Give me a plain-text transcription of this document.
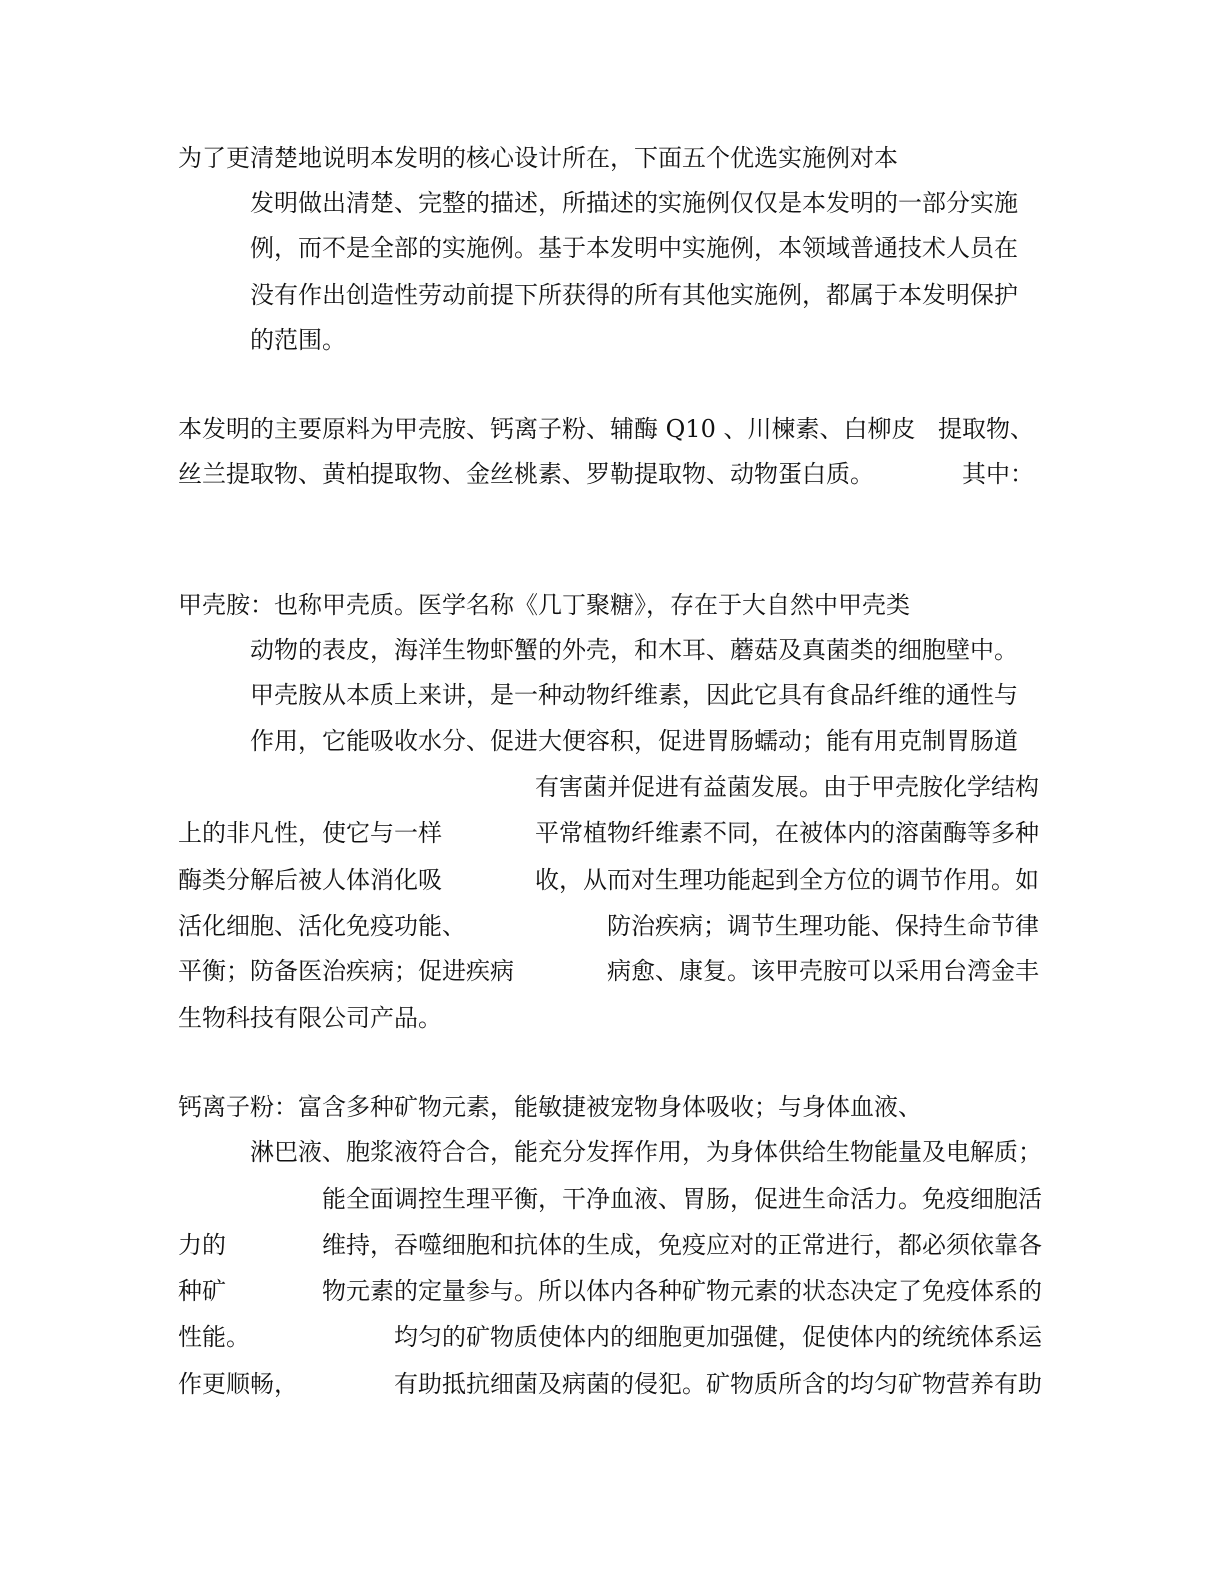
为了更清楚地说明本发明的核心设计所在，下面五个优选实施例对本

发明做出清楚、完整的描述，所描述的实施例仅仅是本发明的一部分实施

例，而不是全部的实施例。基于本发明中实施例，本领域普通技术人员在

没有作出创造性劳动前提下所获得的所有其他实施例，都属于本发明保护

的范围。

本发明的主要原料为甲壳胺、钙离子粉、辅酶 Q10 、川楝素、白柳皮 提取物、

丝兰提取物、黄柏提取物、金丝桃素、罗勒提取物、动物蛋白质。	其中：

甲壳胺：也称甲壳质。医学名称《几丁聚糖》，存在于大自然中甲壳类

动物的表皮，海洋生物虾蟹的外壳，和木耳、蘑菇及真菌类的细胞壁中。

甲壳胺从本质上来讲，是一种动物纤维素，因此它具有食品纤维的通性与

作用，它能吸收水分、促进大便容积，促进胃肠蠕动；能有用克制胃肠道

有害菌并促进有益菌发展。由于甲壳胺化学结构

上的非凡性，使它与一样	平常植物纤维素不同，在被体内的溶菌酶等多种

酶类分解后被人体消化吸	收，从而对生理功能起到全方位的调节作用。如

活化细胞、活化免疫功能、	防治疾病；调节生理功能、保持生命节律

平衡；防备医治疾病；促进疾病	病愈、康复。该甲壳胺可以采用台湾金丰

生物科技有限公司产品。

钙离子粉：富含多种矿物元素，能敏捷被宠物身体吸收；与身体血液、

淋巴液、胞浆液符合合，能充分发挥作用，为身体供给生物能量及电解质；

能全面调控生理平衡，干净血液、胃肠，促进生命活力。免疫细胞活

力的	维持，吞噬细胞和抗体的生成，免疫应对的正常进行，都必须依靠各

种矿	物元素的定量参与。所以体内各种矿物元素的状态决定了免疫体系的

性能。	均匀的矿物质使体内的细胞更加强健，促使体内的统统体系运

作更顺畅，	有助抵抗细菌及病菌的侵犯。矿物质所含的均匀矿物营养有助
